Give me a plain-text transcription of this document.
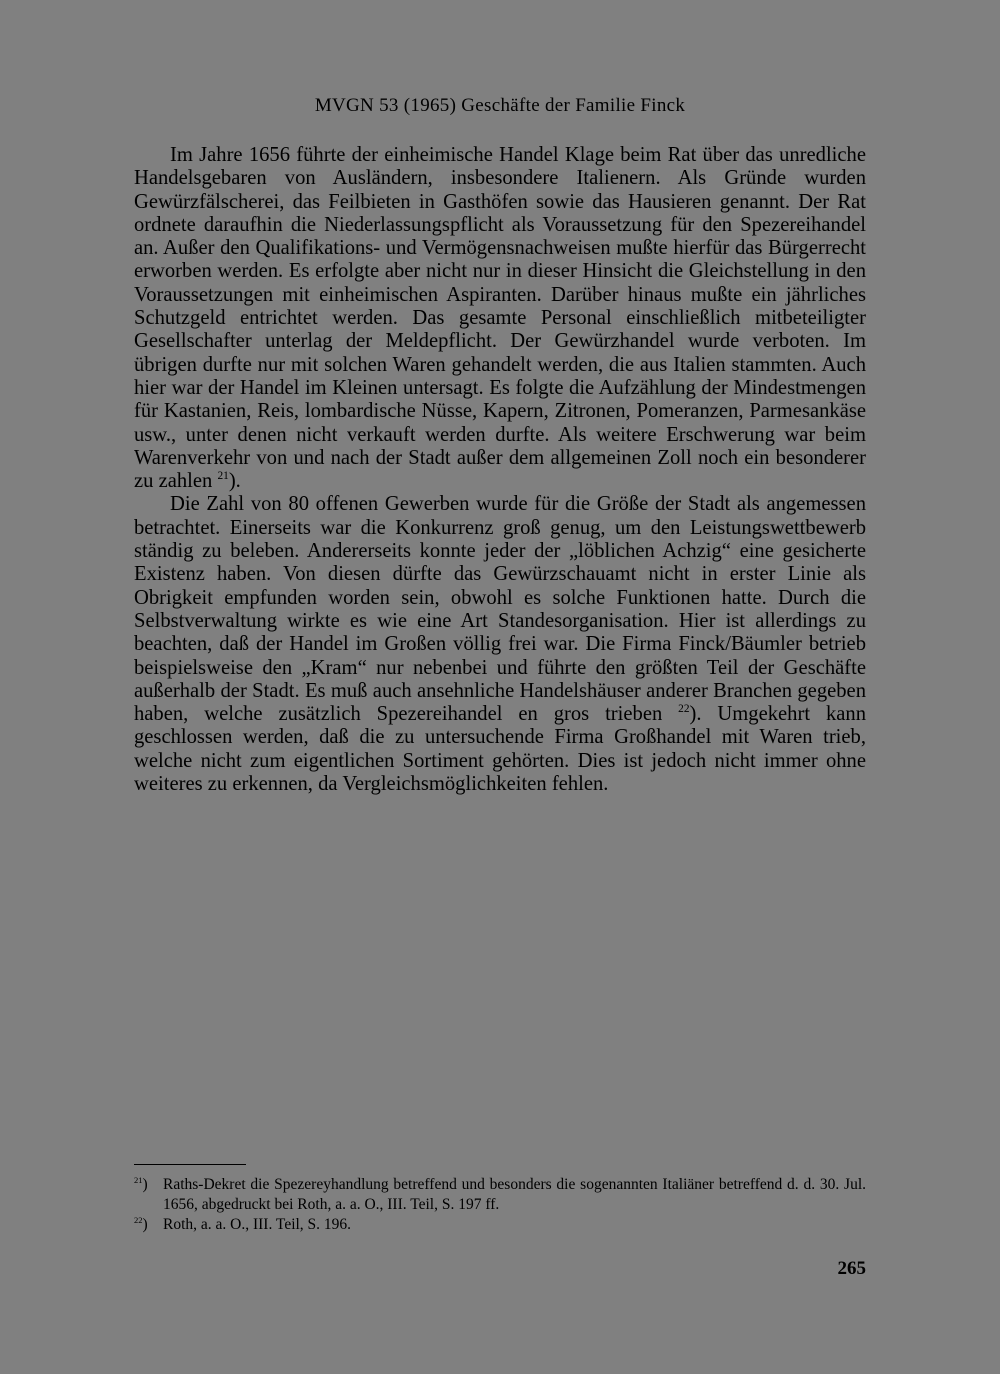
MVGN 53 (1965) Geschäfte der Familie Finck

Im Jahre 1656 führte der einheimische Handel Klage beim Rat über das unredliche Handelsgebaren von Ausländern, insbesondere Italienern. Als Gründe wurden Gewürzfälscherei, das Feilbieten in Gasthöfen sowie das Hausieren genannt. Der Rat ordnete daraufhin die Niederlassungspflicht als Voraussetzung für den Spezereihandel an. Außer den Qualifikations- und Vermögensnachweisen mußte hierfür das Bürgerrecht erworben werden. Es erfolgte aber nicht nur in dieser Hinsicht die Gleichstellung in den Voraussetzungen mit einheimischen Aspiranten. Darüber hinaus mußte ein jährliches Schutzgeld entrichtet werden. Das gesamte Personal einschließlich mitbeteiligter Gesellschafter unterlag der Meldepflicht. Der Gewürzhandel wurde verboten. Im übrigen durfte nur mit solchen Waren gehandelt werden, die aus Italien stammten. Auch hier war der Handel im Kleinen untersagt. Es folgte die Aufzählung der Mindestmengen für Kastanien, Reis, lombardische Nüsse, Kapern, Zitronen, Pomeranzen, Parmesankäse usw., unter denen nicht verkauft werden durfte. Als weitere Erschwerung war beim Warenverkehr von und nach der Stadt außer dem allgemeinen Zoll noch ein besonderer zu zahlen $^{21}$).

Die Zahl von 80 offenen Gewerben wurde für die Größe der Stadt als angemessen betrachtet. Einerseits war die Konkurrenz groß genug, um den Leistungswettbewerb ständig zu beleben. Andererseits konnte jeder der „löblichen Achzig“ eine gesicherte Existenz haben. Von diesen dürfte das Gewürzschauamt nicht in erster Linie als Obrigkeit empfunden worden sein, obwohl es solche Funktionen hatte. Durch die Selbstverwaltung wirkte es wie eine Art Standesorganisation. Hier ist allerdings zu beachten, daß der Handel im Großen völlig frei war. Die Firma Finck/Bäumler betrieb beispielsweise den „Kram“ nur nebenbei und führte den größten Teil der Geschäfte außerhalb der Stadt. Es muß auch ansehnliche Handelshäuser anderer Branchen gegeben haben, welche zusätzlich Spezereihandel en gros trieben $^{22}$). Umgekehrt kann geschlossen werden, daß die zu untersuchende Firma Großhandel mit Waren trieb, welche nicht zum eigentlichen Sortiment gehörten. Dies ist jedoch nicht immer ohne weiteres zu erkennen, da Vergleichsmöglichkeiten fehlen.

$^{21}$) Raths-Dekret die Spezereyhandlung betreffend und besonders die sogenannten Italiäner betreffend d. d. 30. Jul. 1656, abgedruckt bei Roth, a. a. O., III. Teil, S. 197 ff.
$^{22}$) Roth, a. a. O., III. Teil, S. 196.
265
